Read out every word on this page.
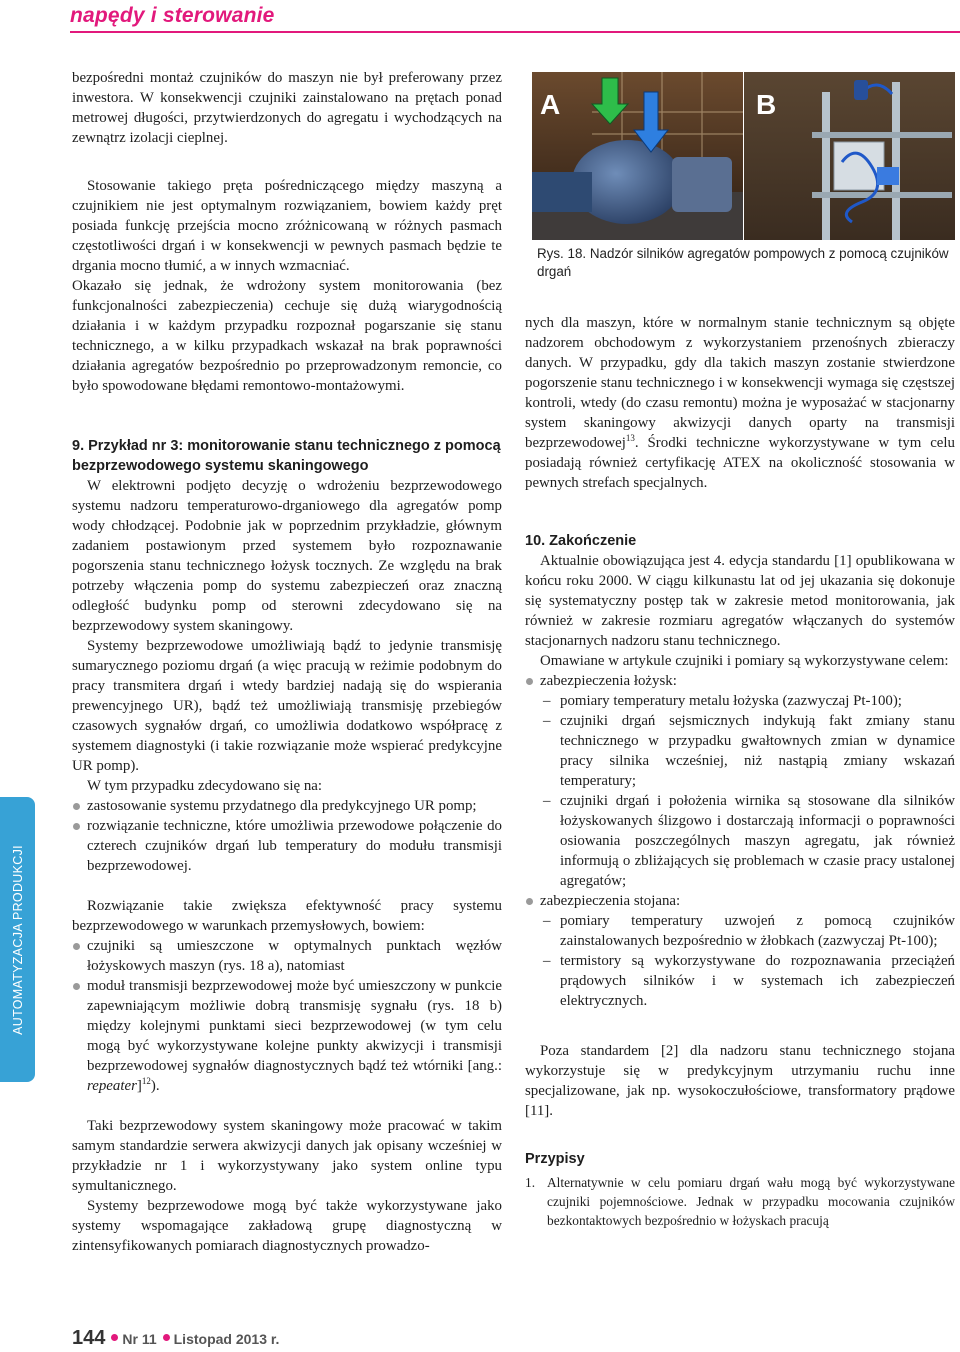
napędy i sterowanie

bezpośredni montaż czujników do maszyn nie był preferowany przez inwestora. W konsekwencji czujniki zainstalowano na prętach ponad metrowej długości, przytwierdzonych do agregatu i wychodzących na zewnątrz izolacji cieplnej.

Stosowanie takiego pręta pośredniczącego między maszyną a czujnikiem nie jest optymalnym rozwiązaniem, bowiem każdy pręt posiada funkcję przejścia mocno zróżnicowaną w różnych pasmach częstotliwości drgań i w konsekwencji w pewnych pasmach będzie te drgania mocno tłumić, a w innych wzmacniać.

Okazało się jednak, że wdrożony system monitorowania (bez funkcjonalności zabezpieczenia) cechuje się dużą wiarygodnością działania i w każdym przypadku rozpoznał pogarszanie się stanu technicznego, a w kilku przypadkach wskazał na brak poprawności działania agregatów bezpośrednio po przeprowadzonym remoncie, co było spowodowane błędami remontowo-montażowymi.

9. Przykład nr 3: monitorowanie stanu technicznego z pomocą bezprzewodowego systemu skaningowego

W elektrowni podjęto decyzję o wdrożeniu bezprzewodowego systemu nadzoru temperaturowo-drganiowego dla agregatów pomp wody chłodzącej. Podobnie jak w poprzednim przykładzie, głównym zadaniem postawionym przed systemem było rozpoznawanie pogorszenia stanu technicznego łożysk tocznych. Ze względu na brak potrzeby włączenia pomp do systemu zabezpieczeń oraz znaczną odległość budynku pomp od sterowni zdecydowano się na bezprzewodowy system skaningowy.

Systemy bezprzewodowe umożliwiają bądź to jedynie transmisję sumarycznego poziomu drgań (a więc pracują w reżimie podobnym do pracy transmitera drgań i wtedy bardziej nadają się do wspierania prewencyjnego UR), bądź też umożliwiają transmisję przebiegów czasowych sygnałów drgań, co umożliwia dodatkowo współpracę z systemem diagnostyki (i takie rozwiązanie może wspierać predykcyjne UR pomp).

W tym przypadku zdecydowano się na:

zastosowanie systemu przydatnego dla predykcyjnego UR pomp;
rozwiązanie techniczne, które umożliwia przewodowe połączenie do czterech czujników drgań lub temperatury do modułu transmisji bezprzewodowej.

Rozwiązanie takie zwiększa efektywność pracy systemu bezprzewodowego w warunkach przemysłowych, bowiem:

czujniki są umieszczone w optymalnych punktach węzłów łożyskowych maszyn (rys. 18 a), natomiast
moduł transmisji bezprzewodowej może być umieszczony w punkcie zapewniającym możliwie dobrą transmisję sygnału (rys. 18 b) między kolejnymi punktami sieci bezprzewodowej (w tym celu mogą być wykorzystywane kolejne punkty akwizycji i transmisji bezprzewodowej sygnałów diagnostycznych bądź też wtórniki [ang.: repeater]$^{12}$).

Taki bezprzewodowy system skaningowy może pracować w takim samym standardzie serwera akwizycji danych jak opisany wcześniej w przykładzie nr 1 i wykorzystywany jako system online typu symultanicznego.

Systemy bezprzewodowe mogą być także wykorzystywane jako systemy wspomagające zakładową grupę diagnostyczną w zintensyfikowanych pomiarach diagnostycznych prowadzo-

A	B
Rys. 18. Nadzór silników agregatów pompowych z pomocą czujników drgań

nych dla maszyn, które w normalnym stanie technicznym są objęte nadzorem obchodowym z wykorzystaniem przenośnych zbieraczy danych. W przypadku, gdy dla takich maszyn zostanie stwierdzone pogorszenie stanu technicznego i w konsekwencji wymaga się częstszej kontroli, wtedy (do czasu remontu) można je wyposażać w stacjonarny system skaningowy akwizycji danych oparty na transmisji bezprzewodowej$^{13}$. Środki techniczne wykorzystywane w tym celu posiadają również certyfikację ATEX na okoliczność stosowania w pewnych strefach specjalnych.

10. Zakończenie

Aktualnie obowiązująca jest 4. edycja standardu [1] opublikowana w końcu roku 2000. W ciągu kilkunastu lat od jej ukazania się dokonuje się systematyczny postęp tak w zakresie metod monitorowania, jak również w zakresie rozmiaru agregatów włączanych do systemów stacjonarnych nadzoru stanu technicznego.

Omawiane w artykule czujniki i pomiary są wykorzystywane celem:

zabezpieczenia łożysk:
– pomiary temperatury metalu łożyska (zazwyczaj Pt-100);
– czujniki drgań sejsmicznych indykują fakt zmiany stanu technicznego w przypadku gwałtownych zmian w dynamice pracy silnika wcześniej, niż nastąpią zmiany wskazań temperatury;
– czujniki drgań i położenia wirnika są stosowane dla silników łożyskowanych ślizgowo i dostarczają informacji o poprawności osiowania poszczególnych maszyn agregatu, jak również informują o zbliżających się problemach w czasie pracy ustalonej agregatów;
zabezpieczenia stojana:
– pomiary temperatury uzwojeń z pomocą czujników zainstalowanych bezpośrednio w żłobkach (zazwyczaj Pt-100);
– termistory są wykorzystywane do rozpoznawania przeciążeń prądowych silników i w systemach ich zabezpieczeń elektrycznych.

Poza standardem [2] dla nadzoru stanu technicznego stojana wykorzystuje się w predykcyjnym utrzymaniu ruchu inne specjalizowane, jak np. wysokoczułościowe, transformatory prądowe [11].

Przypisy
1. Alternatywnie w celu pomiaru drgań wału mogą być wykorzystywane czujniki pojemnościowe. Jednak w przypadku mocowania czujników bezkontaktowych bezpośrednio w łożyskach pracują
AUTOMATYZACJA PRODUKCJI
144 Nr 11 Listopad 2013 r.
